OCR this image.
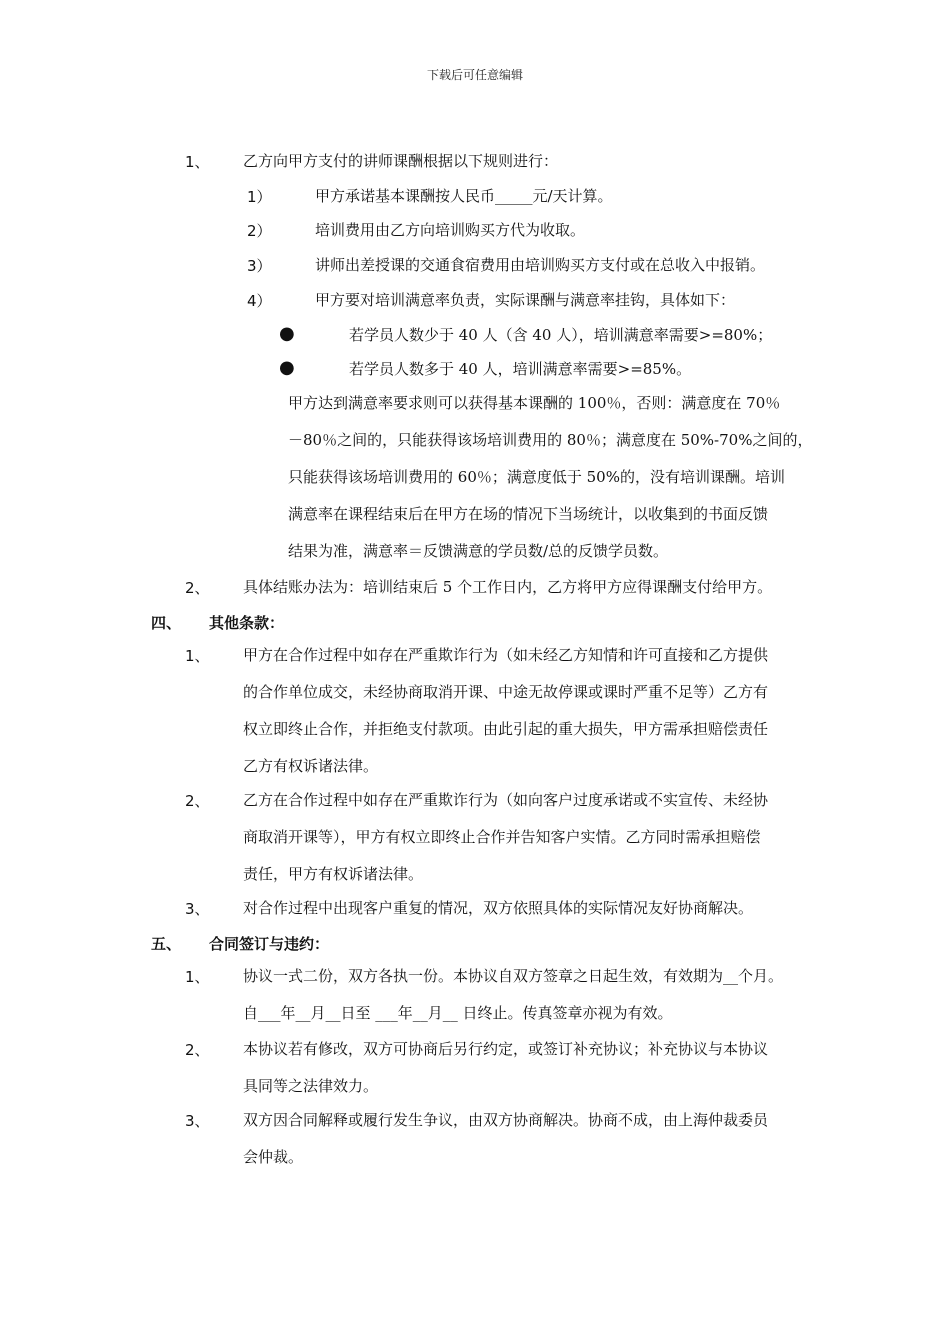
下载后可任意编辑
1、 乙方向甲方支付的讲师课酬根据以下规则进行：
1）	甲方承诺基本课酬按人民币_____元/天计算。
2）	培训费用由乙方向培训购买方代为收取。
3）	讲师出差授课的交通食宿费用由培训购买方支付或在总收入中报销。
4）	甲方要对培训满意率负责，实际课酬与满意率挂钩，具体如下：
●	若学员人数少于 40 人（含 40 人），培训满意率需要>=80%；
●	若学员人数多于 40 人，培训满意率需要>=85%。
甲方达到满意率要求则可以获得基本课酬的 100％，否则：满意度在 70％
－80％之间的，只能获得该场培训费用的 80％；满意度在 50%-70%之间的，
只能获得该场培训费用的 60％；满意度低于 50%的，没有培训课酬。培训
满意率在课程结束后在甲方在场的情况下当场统计，以收集到的书面反馈
结果为准，满意率＝反馈满意的学员数/总的反馈学员数。
2、 具体结账办法为：培训结束后 5 个工作日内，乙方将甲方应得课酬支付给甲方。
四、 其他条款：
1、 甲方在合作过程中如存在严重欺诈行为（如未经乙方知情和许可直接和乙方提供
的合作单位成交，未经协商取消开课、中途无故停课或课时严重不足等）乙方有
权立即终止合作，并拒绝支付款项。由此引起的重大损失，甲方需承担赔偿责任
乙方有权诉诸法律。
2、 乙方在合作过程中如存在严重欺诈行为（如向客户过度承诺或不实宣传、未经协
商取消开课等），甲方有权立即终止合作并告知客户实情。乙方同时需承担赔偿
责任，甲方有权诉诸法律。
3、 对合作过程中出现客户重复的情况，双方依照具体的实际情况友好协商解决。
五、 合同签订与违约：
1、 协议一式二份，双方各执一份。本协议自双方签章之日起生效，有效期为__个月。
自___年__月__日至 ___年__月__ 日终止。传真签章亦视为有效。
2、 本协议若有修改，双方可协商后另行约定，或签订补充协议；补充协议与本协议
具同等之法律效力。
3、 双方因合同解释或履行发生争议，由双方协商解决。协商不成，由上海仲裁委员
会仲裁。
